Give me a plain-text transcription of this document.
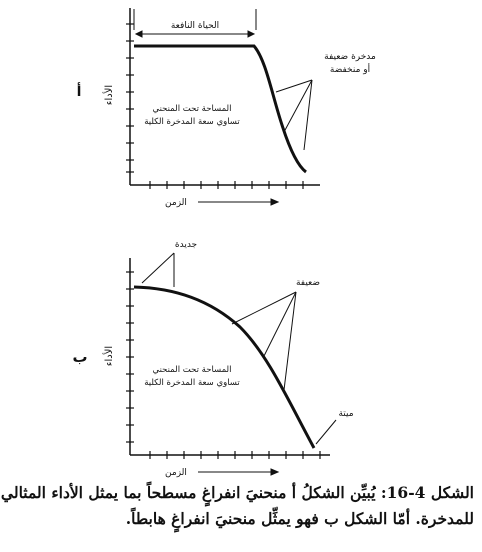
الحياة النافعة
مدخرة ضعيفة
أو منخفضة
المساحة تحت المنحني
تساوي سعة المدخرة الكلية
الأداء
أ
الزمن
جديدة
ضعيفة
ميتة
المساحة تحت المنحني
تساوي سعة المدخرة الكلية
الأداء
ب
الزمن
الشكل 4-16: يُبيِّن الشكلُ أ منحنيَ انفراغٍ مسطحاً بما يمثل الأداء المثالي
للمدخرة. أمّا الشكل ب فهو يمثِّل منحنيَ انفراغٍ هابطاً.
